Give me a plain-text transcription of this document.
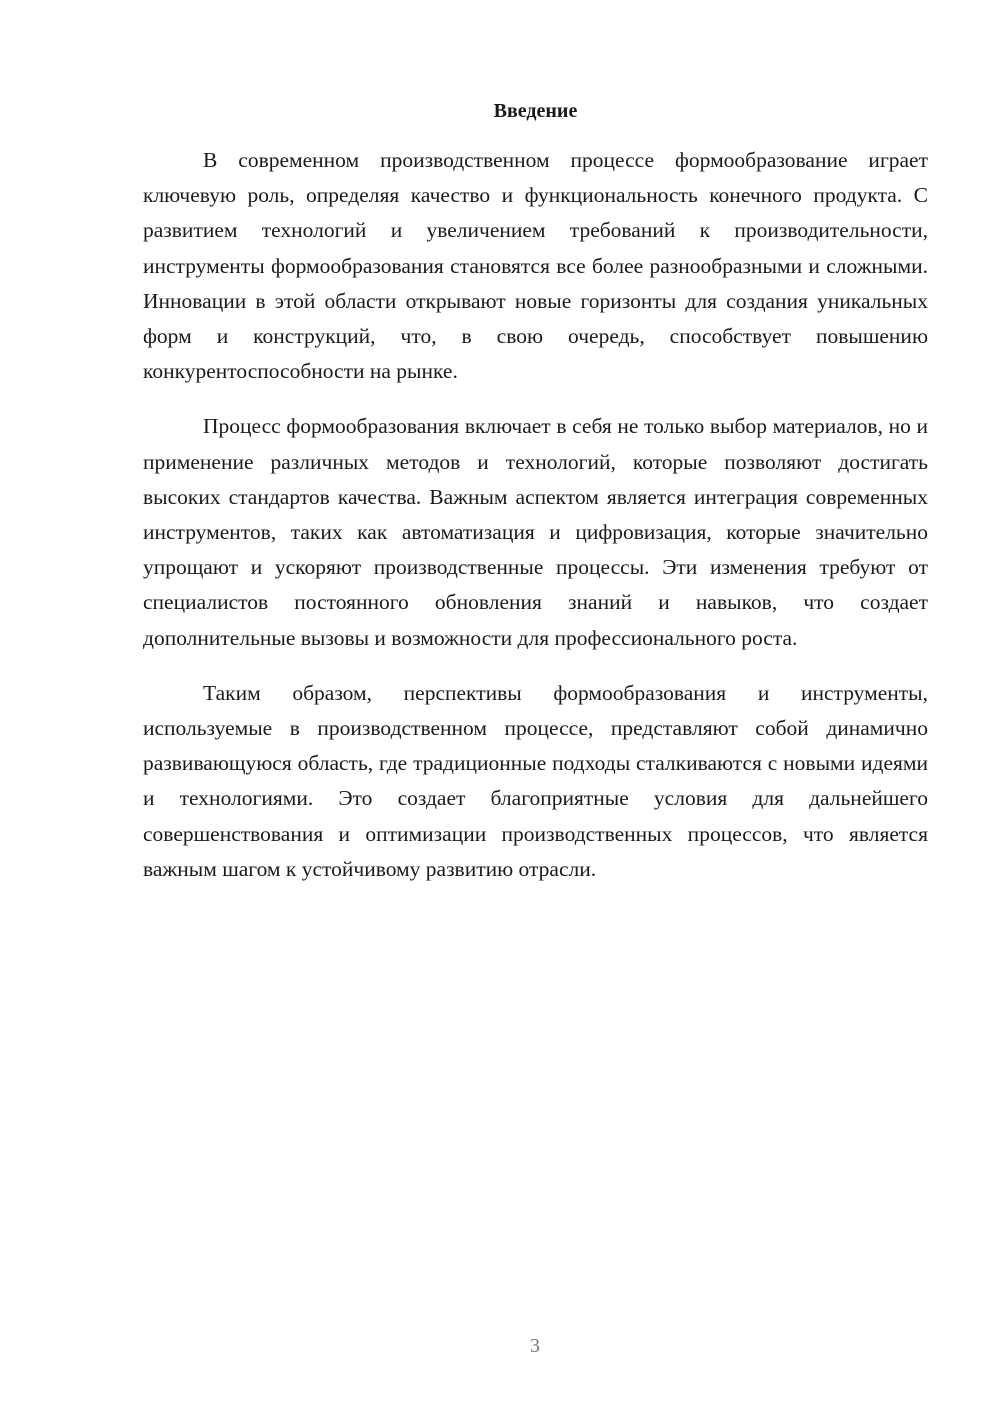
Введение

В современном производственном процессе формообразование играет ключевую роль, определяя качество и функциональность конечного продукта. С развитием технологий и увеличением требований к производительности, инструменты формообразования становятся все более разнообразными и сложными. Инновации в этой области открывают новые горизонты для создания уникальных форм и конструкций, что, в свою очередь, способствует повышению конкурентоспособности на рынке.

Процесс формообразования включает в себя не только выбор материалов, но и применение различных методов и технологий, которые позволяют достигать высоких стандартов качества. Важным аспектом является интеграция современных инструментов, таких как автоматизация и цифровизация, которые значительно упрощают и ускоряют производственные процессы. Эти изменения требуют от специалистов постоянного обновления знаний и навыков, что создает дополнительные вызовы и возможности для профессионального роста.

Таким образом, перспективы формообразования и инструменты, используемые в производственном процессе, представляют собой динамично развивающуюся область, где традиционные подходы сталкиваются с новыми идеями и технологиями. Это создает благоприятные условия для дальнейшего совершенствования и оптимизации производственных процессов, что является важным шагом к устойчивому развитию отрасли.

3
